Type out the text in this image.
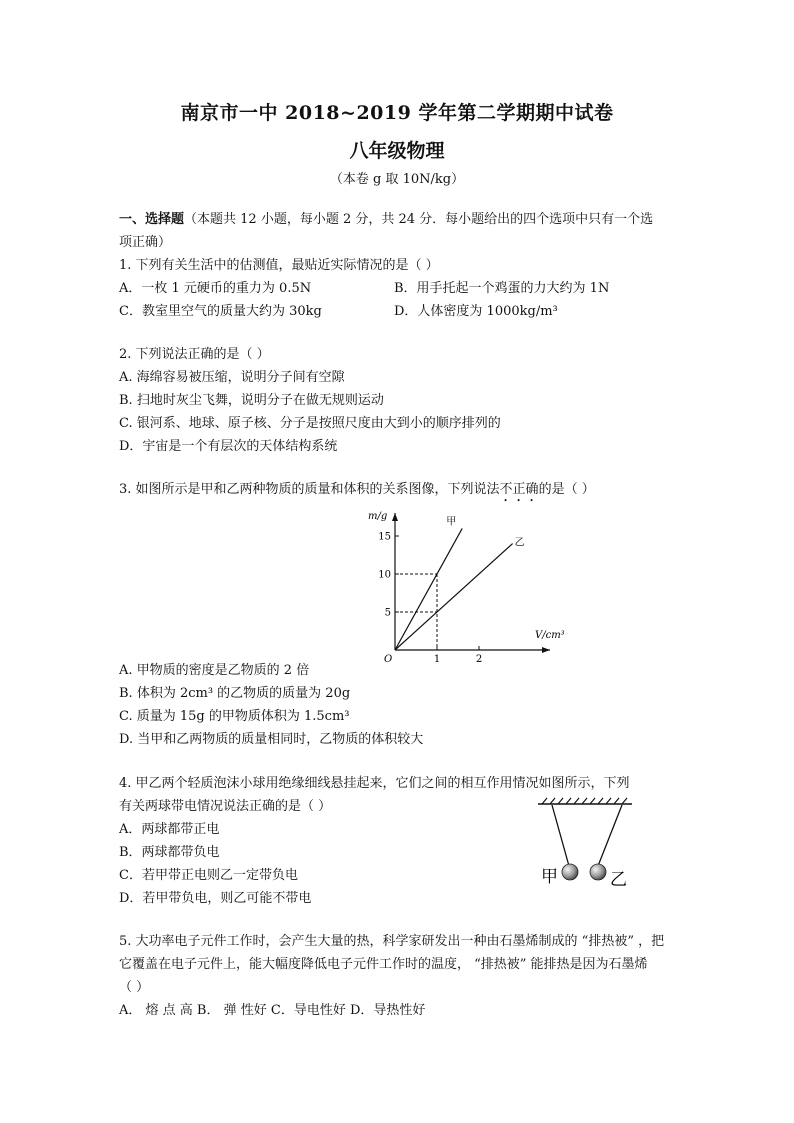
南京市一中 2018~2019 学年第二学期期中试卷
八年级物理
（本卷 g 取 10N/kg）
一、选择题（本题共 12 小题，每小题 2 分，共 24 分．每小题给出的四个选项中只有一个选
项正确）
1. 下列有关生活中的估测值，最贴近实际情况的是（ ）
A．一枚 1 元硬币的重力为 0.5N	B．用手托起一个鸡蛋的力大约为 1N
C．教室里空气的质量大约为 30kg	D．人体密度为 1000kg/m³
2. 下列说法正确的是（ ）
A. 海绵容易被压缩，说明分子间有空隙
B. 扫地时灰尘飞舞，说明分子在做无规则运动
C. 银河系、地球、原子核、分子是按照尺度由大到小的顺序排列的
D．宇宙是一个有层次的天体结构系统
3. 如图所示是甲和乙两种物质的质量和体积的关系图像，下列说法不正确的是（ ）
m/g
V/cm³
O
5
10
15
1	2
甲
乙
A. 甲物质的密度是乙物质的 2 倍
B. 体积为 2cm³ 的乙物质的质量为 20g
C. 质量为 15g 的甲物质体积为 1.5cm³
D. 当甲和乙两物质的质量相同时，乙物质的体积较大
4. 甲乙两个轻质泡沫小球用绝缘细线悬挂起来，它们之间的相互作用情况如图所示，下列
有关两球带电情况说法正确的是（ ）
A．两球都带正电
B．两球都带负电
C．若甲带正电则乙一定带负电
D．若甲带负电，则乙可能不带电
甲	乙
5. 大功率电子元件工作时，会产生大量的热，科学家研发出一种由石墨烯制成的 “排热被” ，把
它覆盖在电子元件上，能大幅度降低电子元件工作时的温度， “排热被” 能排热是因为石墨烯
（ ）
A． 熔 点 高 B． 弹 性好 C．导电性好 D．导热性好
